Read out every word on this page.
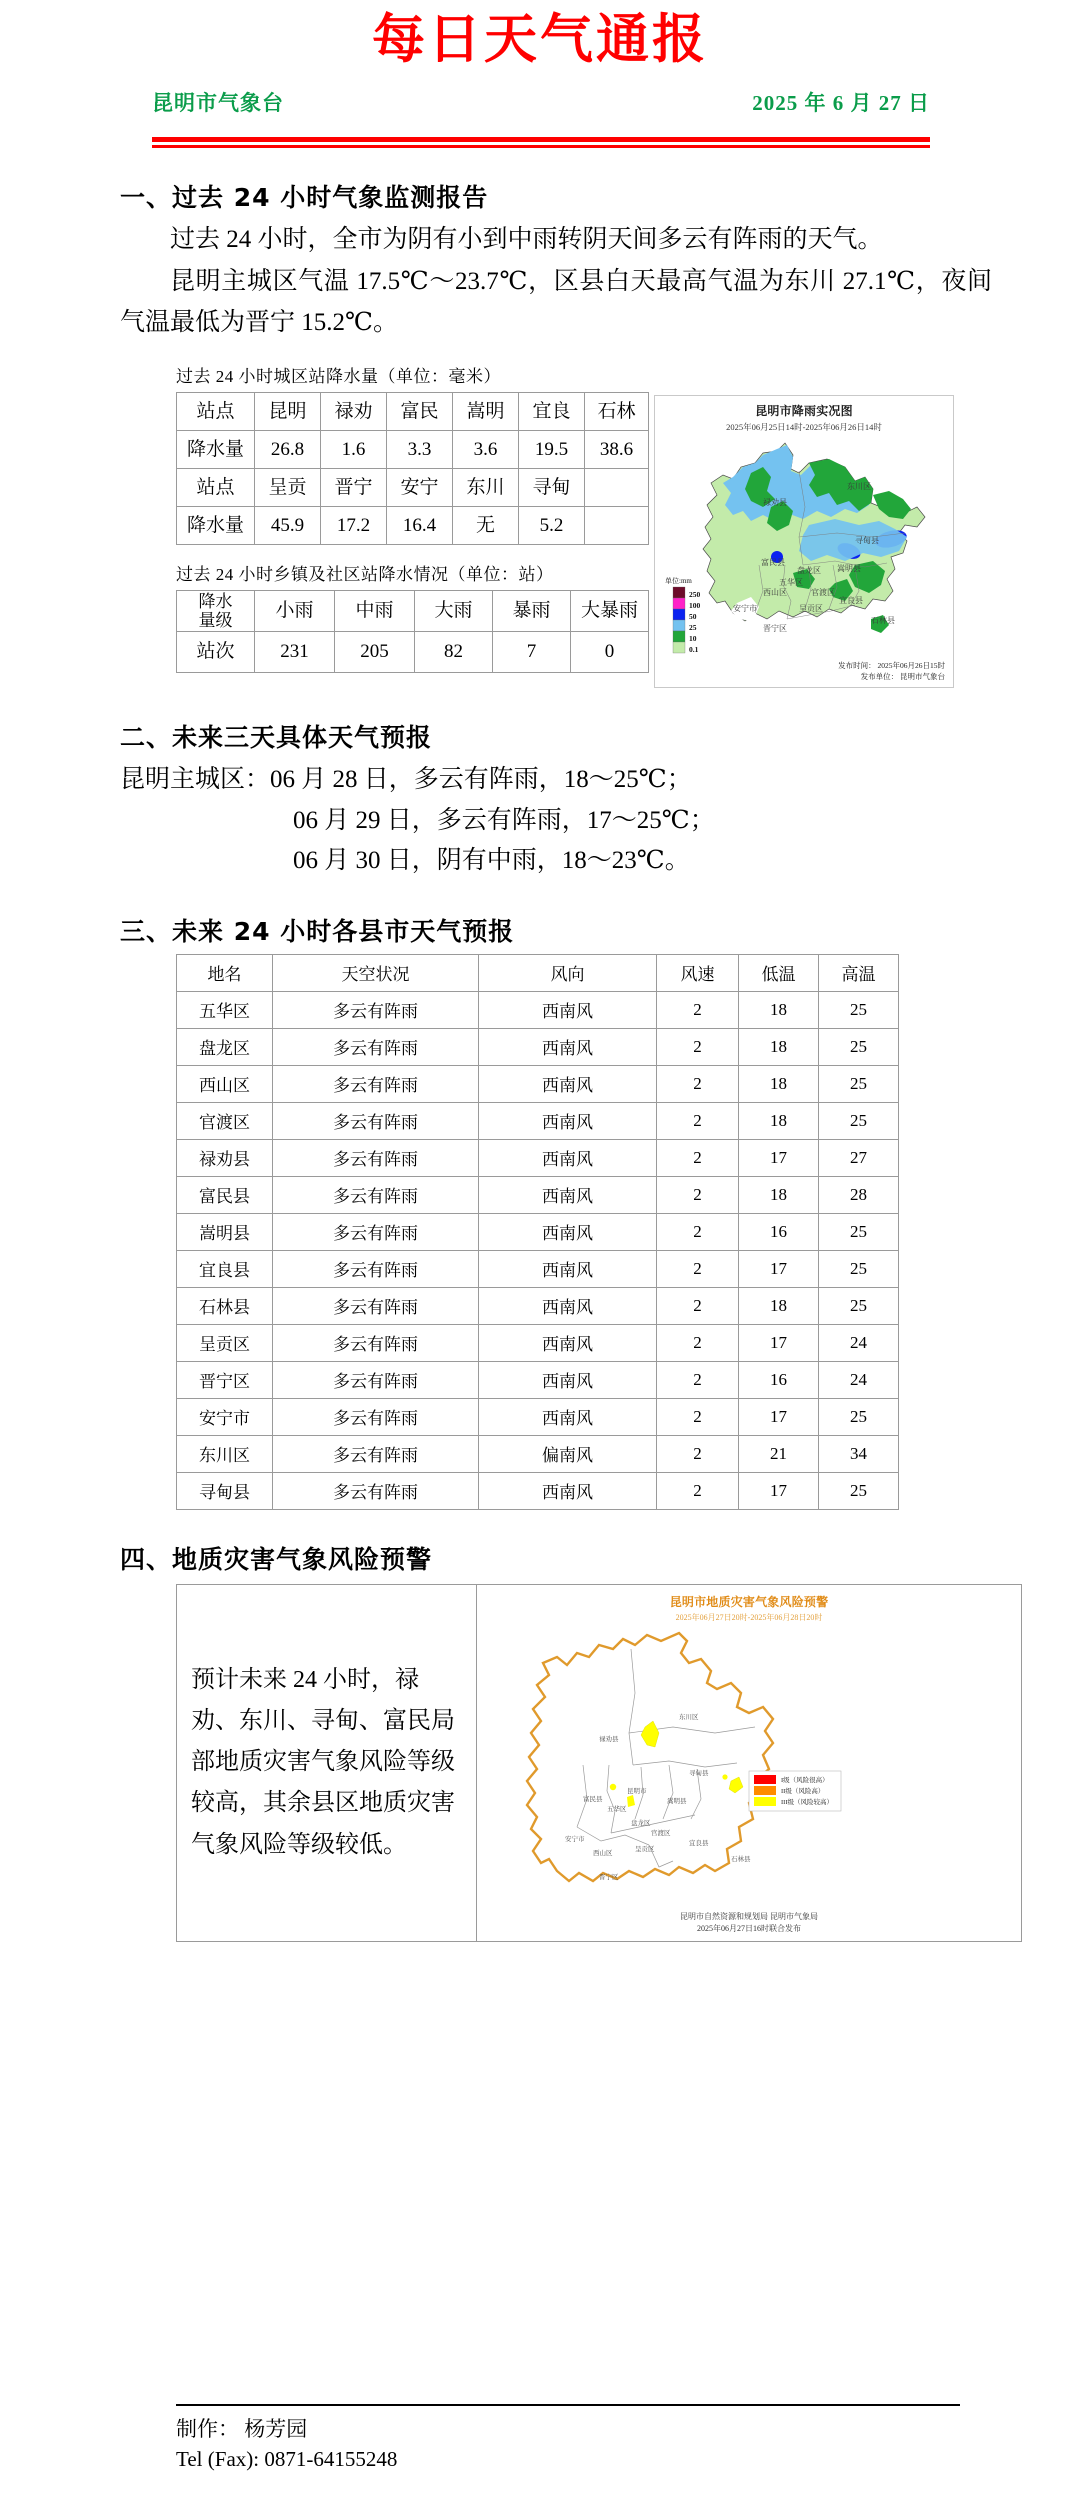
每日天气通报
昆明市气象台	2025 年 6 月 27 日
一、过去 24 小时气象监测报告
过去 24 小时，全市为阴有小到中雨转阴天间多云有阵雨的天气。
昆明主城区气温 17.5℃～23.7℃，区县白天最高气温为东川 27.1℃，夜间气温最低为晋宁 15.2℃。
过去 24 小时城区站降水量（单位：毫米）
站点	昆明	禄劝	富民	嵩明	宜良	石林
降水量	26.8	1.6	3.3	3.6	19.5	38.6
站点	呈贡	晋宁	安宁	东川	寻甸	
降水量	45.9	17.2	16.4	无	5.2	
过去 24 小时乡镇及社区站降水情况（单位：站）
降水
量级	小雨	中雨	大雨	暴雨	大暴雨
站次	231	205	82	7	0
昆明市降雨实况图
2025年06月25日14时-2025年06月26日14时
东川区
禄劝县
寻甸县
富民县
盘龙区 嵩明县
五华区
官渡区
西山区
宜良县
呈贡区
石林县
安宁市
晋宁区
单位:mm
250
100
50
25
10
0.1
发布时间： 2025年06月26日15时
发布单位： 昆明市气象台
二、未来三天具体天气预报
昆明主城区： 06 月 28 日，多云有阵雨，18～25℃；
06 月 29 日，多云有阵雨，17～25℃；
06 月 30 日，阴有中雨，18～23℃。
三、未来 24 小时各县市天气预报
地名	天空状况	风向	风速	低温	高温
五华区	多云有阵雨	西南风	2	18	25
盘龙区	多云有阵雨	西南风	2	18	25
西山区	多云有阵雨	西南风	2	18	25
官渡区	多云有阵雨	西南风	2	18	25
禄劝县	多云有阵雨	西南风	2	17	27
富民县	多云有阵雨	西南风	2	18	28
嵩明县	多云有阵雨	西南风	2	16	25
宜良县	多云有阵雨	西南风	2	17	25
石林县	多云有阵雨	西南风	2	18	25
呈贡区	多云有阵雨	西南风	2	17	24
晋宁区	多云有阵雨	西南风	2	16	24
安宁市	多云有阵雨	西南风	2	17	25
东川区	多云有阵雨	偏南风	2	21	34
寻甸县	多云有阵雨	西南风	2	17	25
四、地质灾害气象风险预警
预计未来 24 小时，禄劝、东川、寻甸、富民局部地质灾害气象风险等级较高，其余县区地质灾害气象风险等级较低。
昆明市地质灾害气象风险预警
2025年06月27日20时-2025年06月28日20时
东川区
禄劝县
寻甸县
富民县
昆明市
嵩明县
五华区
盘龙区
官渡区
宜良县
西山区	呈贡区
石林县
安宁市
晋宁区
I级（风险很高）
II级（风险高）
III级（风险较高）
昆明市自然资源和规划局 昆明市气象局
2025年06月27日16时联合发布
制作： 杨芳园
Tel (Fax): 0871-64155248
